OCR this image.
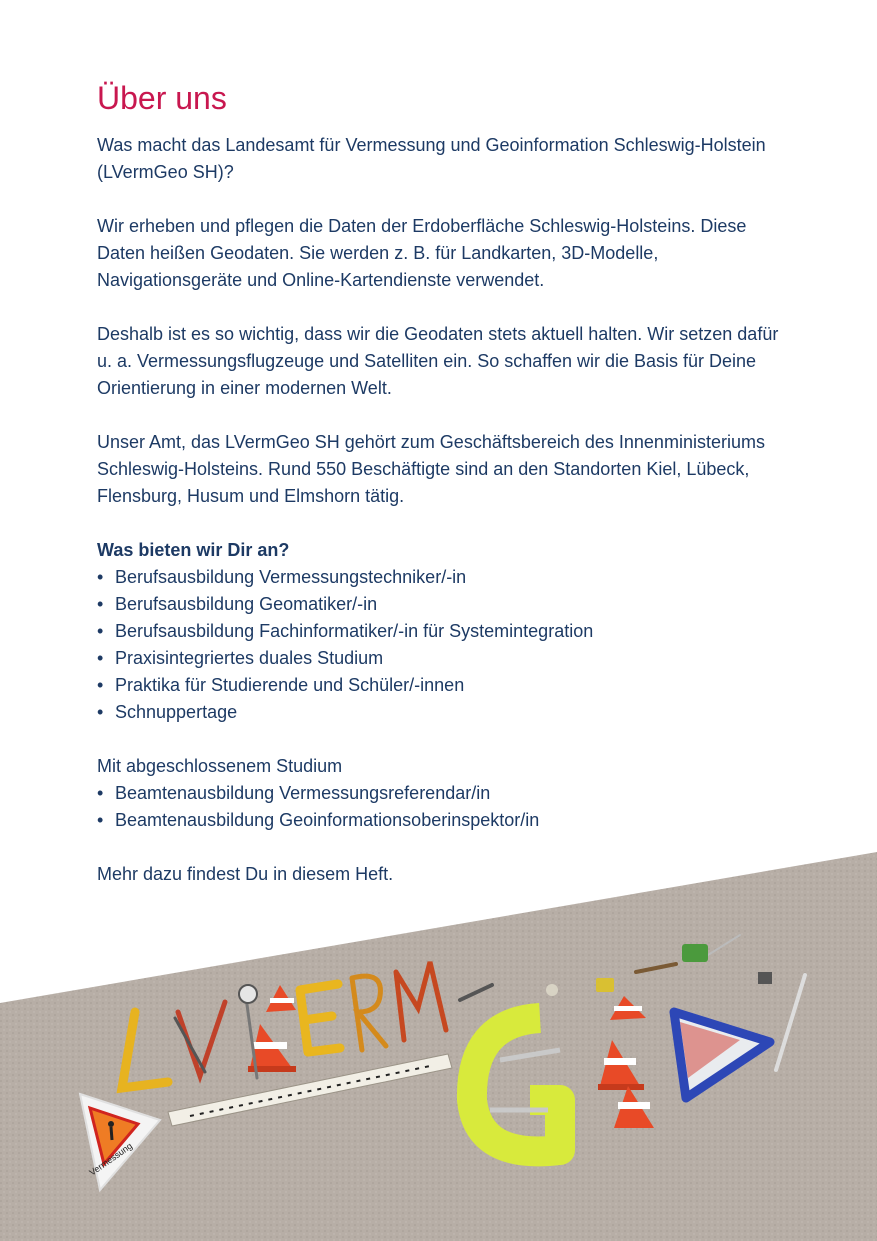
Vermessung
Über uns

Was macht das Landesamt für Vermessung und Geoinformation Schleswig-Holstein (LVermGeo SH)?

Wir erheben und pflegen die Daten der Erdoberfläche Schleswig-Holsteins. Diese Daten heißen Geodaten. Sie werden z. B. für Landkarten, 3D-Modelle, Navigationsgeräte und Online-Kartendienste verwendet.

Deshalb ist es so wichtig, dass wir die Geodaten stets aktuell halten. Wir setzen dafür u. a. Vermessungsflugzeuge und Satelliten ein. So schaffen wir die Basis für Deine Orientierung in einer modernen Welt.

Unser Amt, das LVermGeo SH gehört zum Geschäftsbereich des Innenministeriums Schleswig-Holsteins. Rund 550 Beschäftigte sind an den Standorten Kiel, Lübeck, Flensburg, Husum und Elmshorn tätig.

Was bieten wir Dir an?
• Berufsausbildung Vermessungstechniker/-in
• Berufsausbildung Geomatiker/-in
• Berufsausbildung Fachinformatiker/-in für Systemintegration
• Praxisintegriertes duales Studium
• Praktika für Studierende und Schüler/-innen
• Schnuppertage

Mit abgeschlossenem Studium

• Beamtenausbildung Vermessungsreferendar/in
• Beamtenausbildung Geoinformationsoberinspektor/in

Mehr dazu findest Du in diesem Heft.
